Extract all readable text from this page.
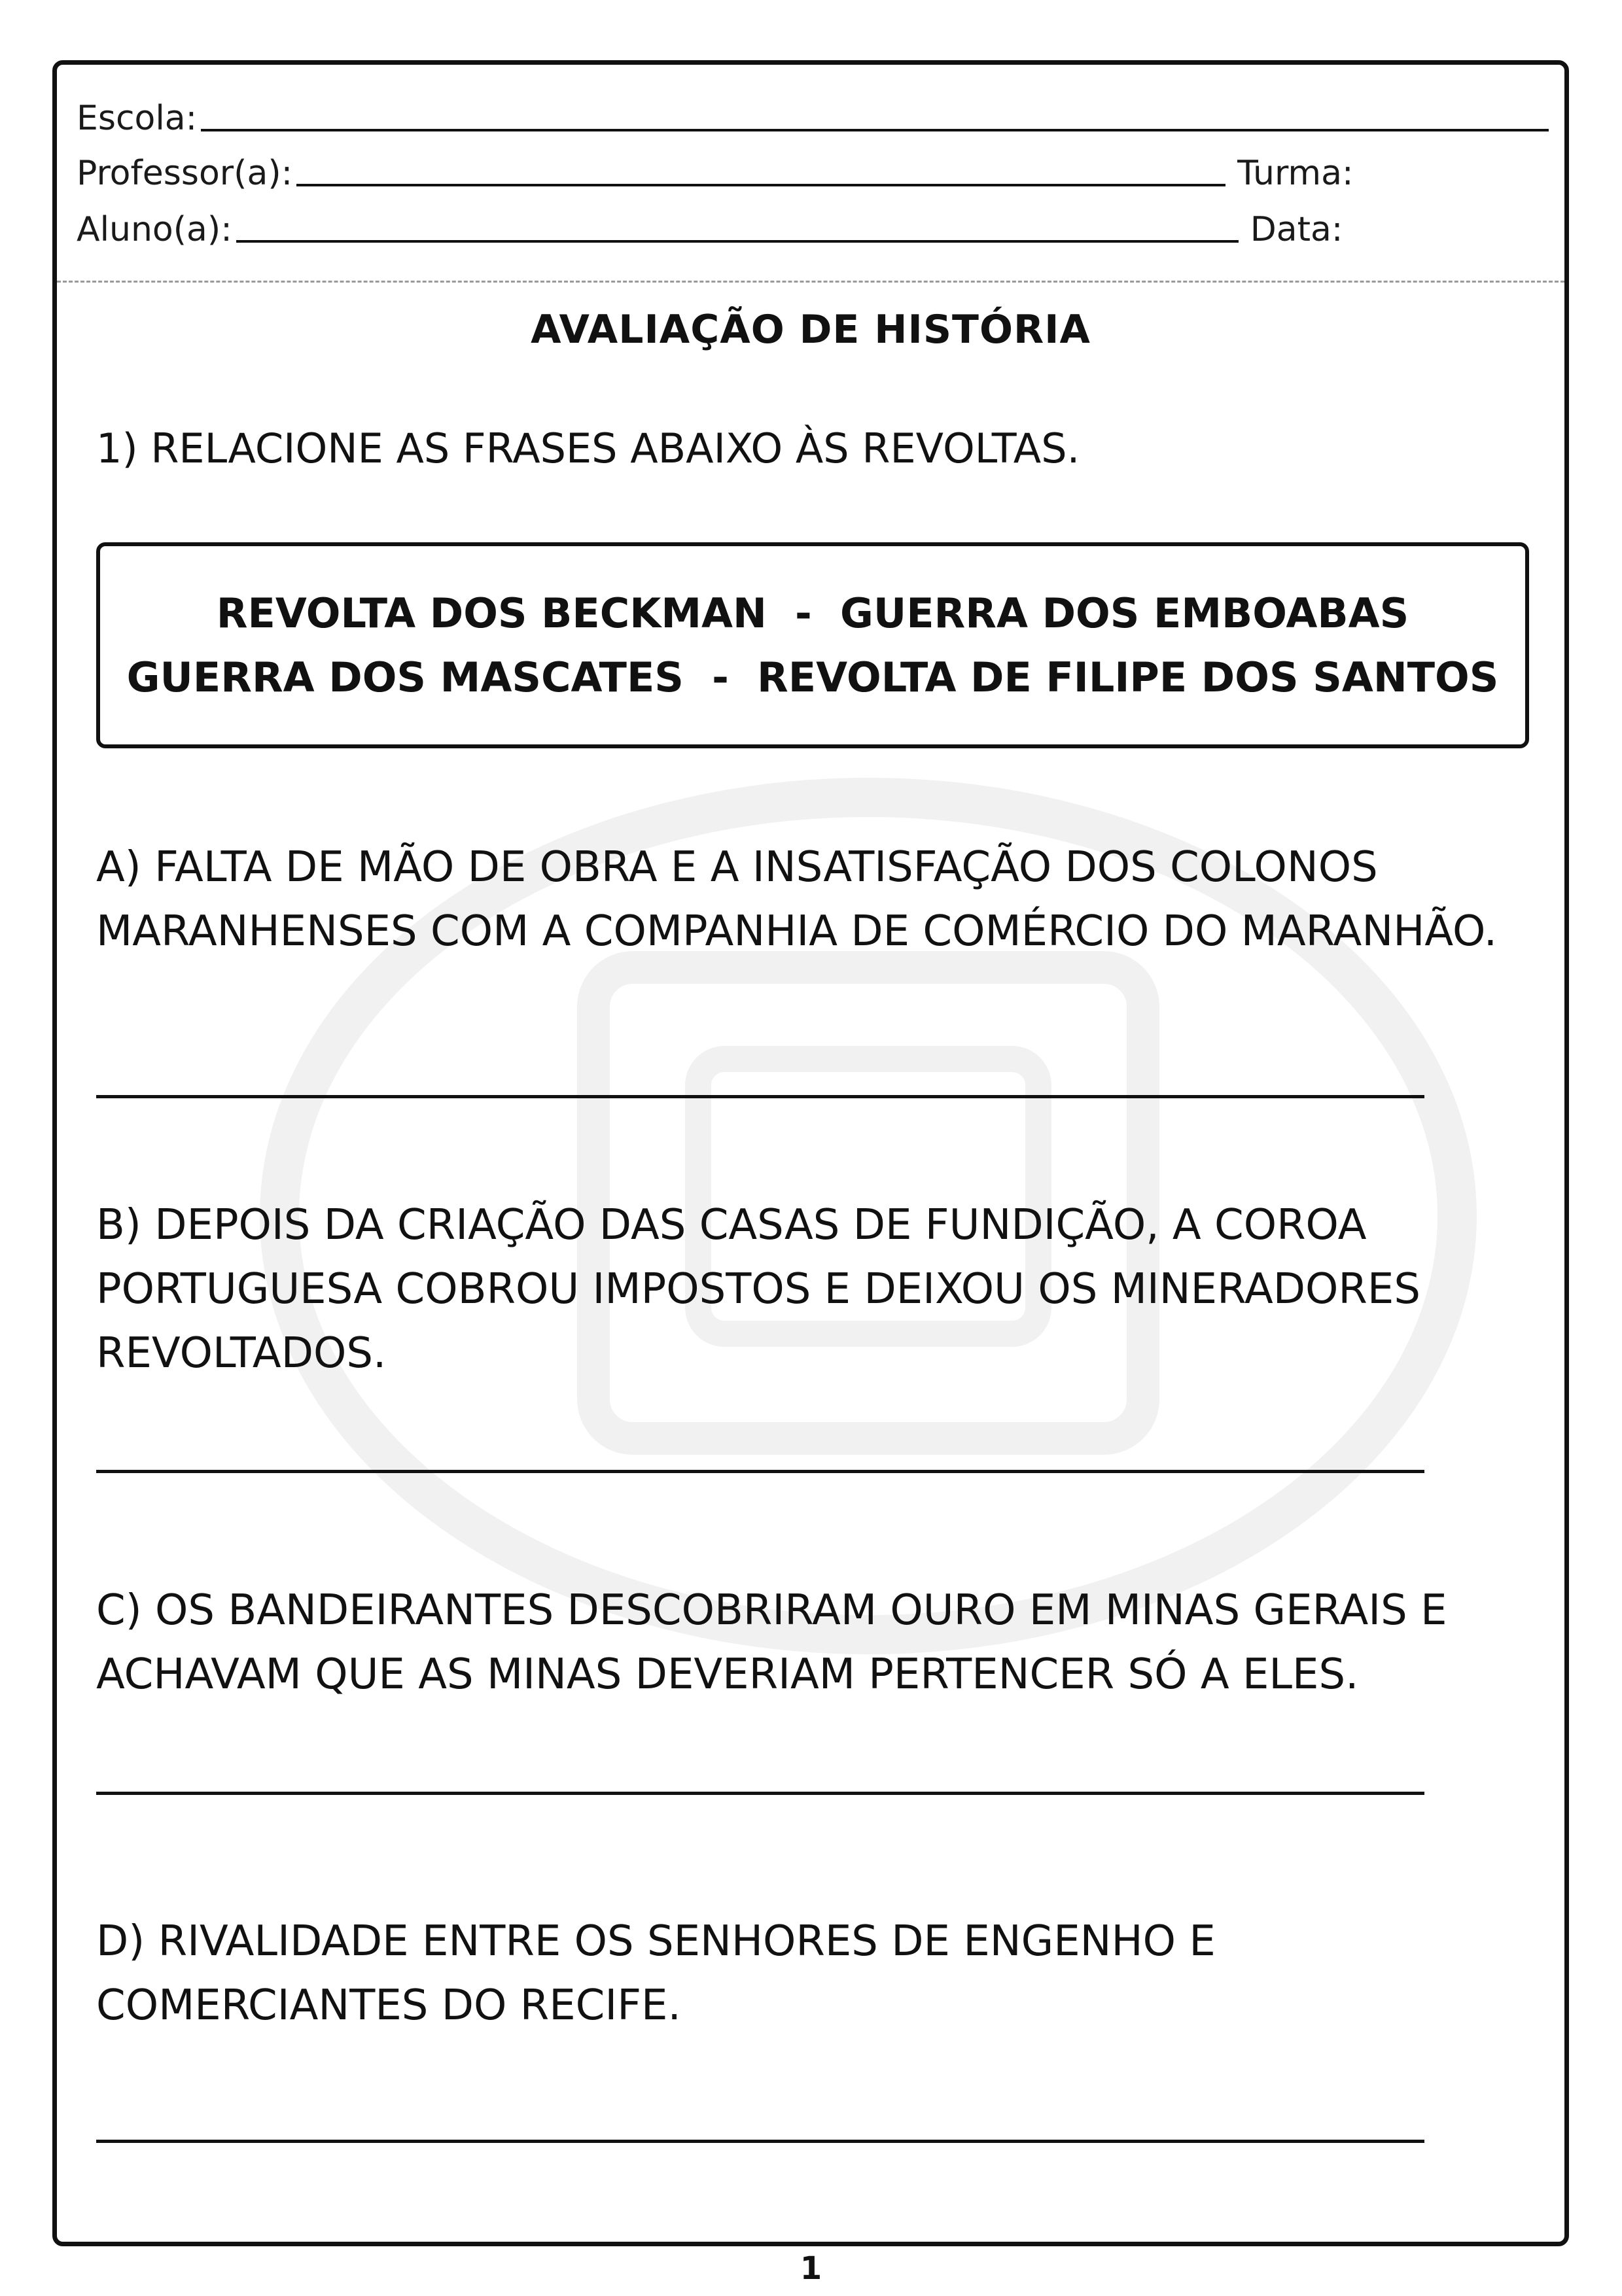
Escola:
Professor(a):	Turma:
Aluno(a):	Data:
AVALIAÇÃO DE HISTÓRIA
1) RELACIONE AS FRASES ABAIXO ÀS REVOLTAS.
REVOLTA DOS BECKMAN  -  GUERRA DOS EMBOABAS
GUERRA DOS MASCATES  -  REVOLTA DE FILIPE DOS SANTOS
A) FALTA DE MÃO DE OBRA E A INSATISFAÇÃO DOS COLONOS MARANHENSES COM A COMPANHIA DE COMÉRCIO DO MARANHÃO.
B) DEPOIS DA CRIAÇÃO DAS CASAS DE FUNDIÇÃO, A COROA PORTUGUESA COBROU IMPOSTOS E DEIXOU OS MINERADORES REVOLTADOS.
C) OS BANDEIRANTES DESCOBRIRAM OURO EM MINAS GERAIS E ACHAVAM QUE AS MINAS DEVERIAM PERTENCER SÓ A ELES.
D) RIVALIDADE ENTRE OS SENHORES DE ENGENHO E COMERCIANTES DO RECIFE.
1
